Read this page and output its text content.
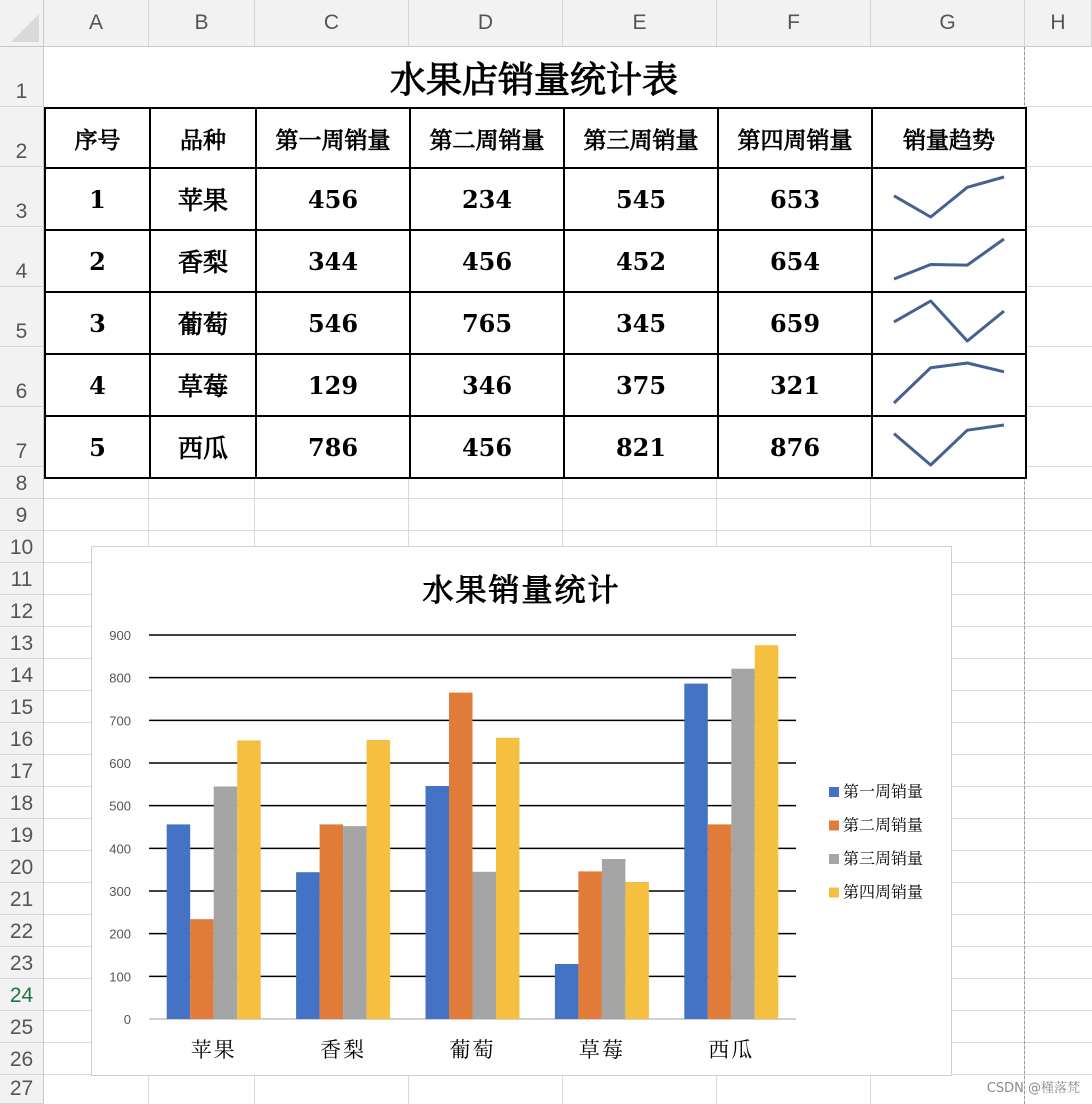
A	B	C	D	E	F	G	H
1
2
3
4
5
6
7
8
9
10
11
12
13
14
15
16
17
18
19
20
21
22
23
24
25
26
27
水果店销量统计表
序号	品种	第一周销量	第二周销量	第三周销量	第四周销量	销量趋势
1	苹果	456	234	545	653	
2	香梨	344	456	452	654	
3	葡萄	546	765	345	659	
4	草莓	129	346	375	321	
5	西瓜	786	456	821	876	
水果销量统计
0
100
200
300
400
500
600
700
800
900
苹果	香梨	葡萄	草莓	西瓜
第一周销量
第二周销量
第三周销量
第四周销量
CSDN @槿落梵
